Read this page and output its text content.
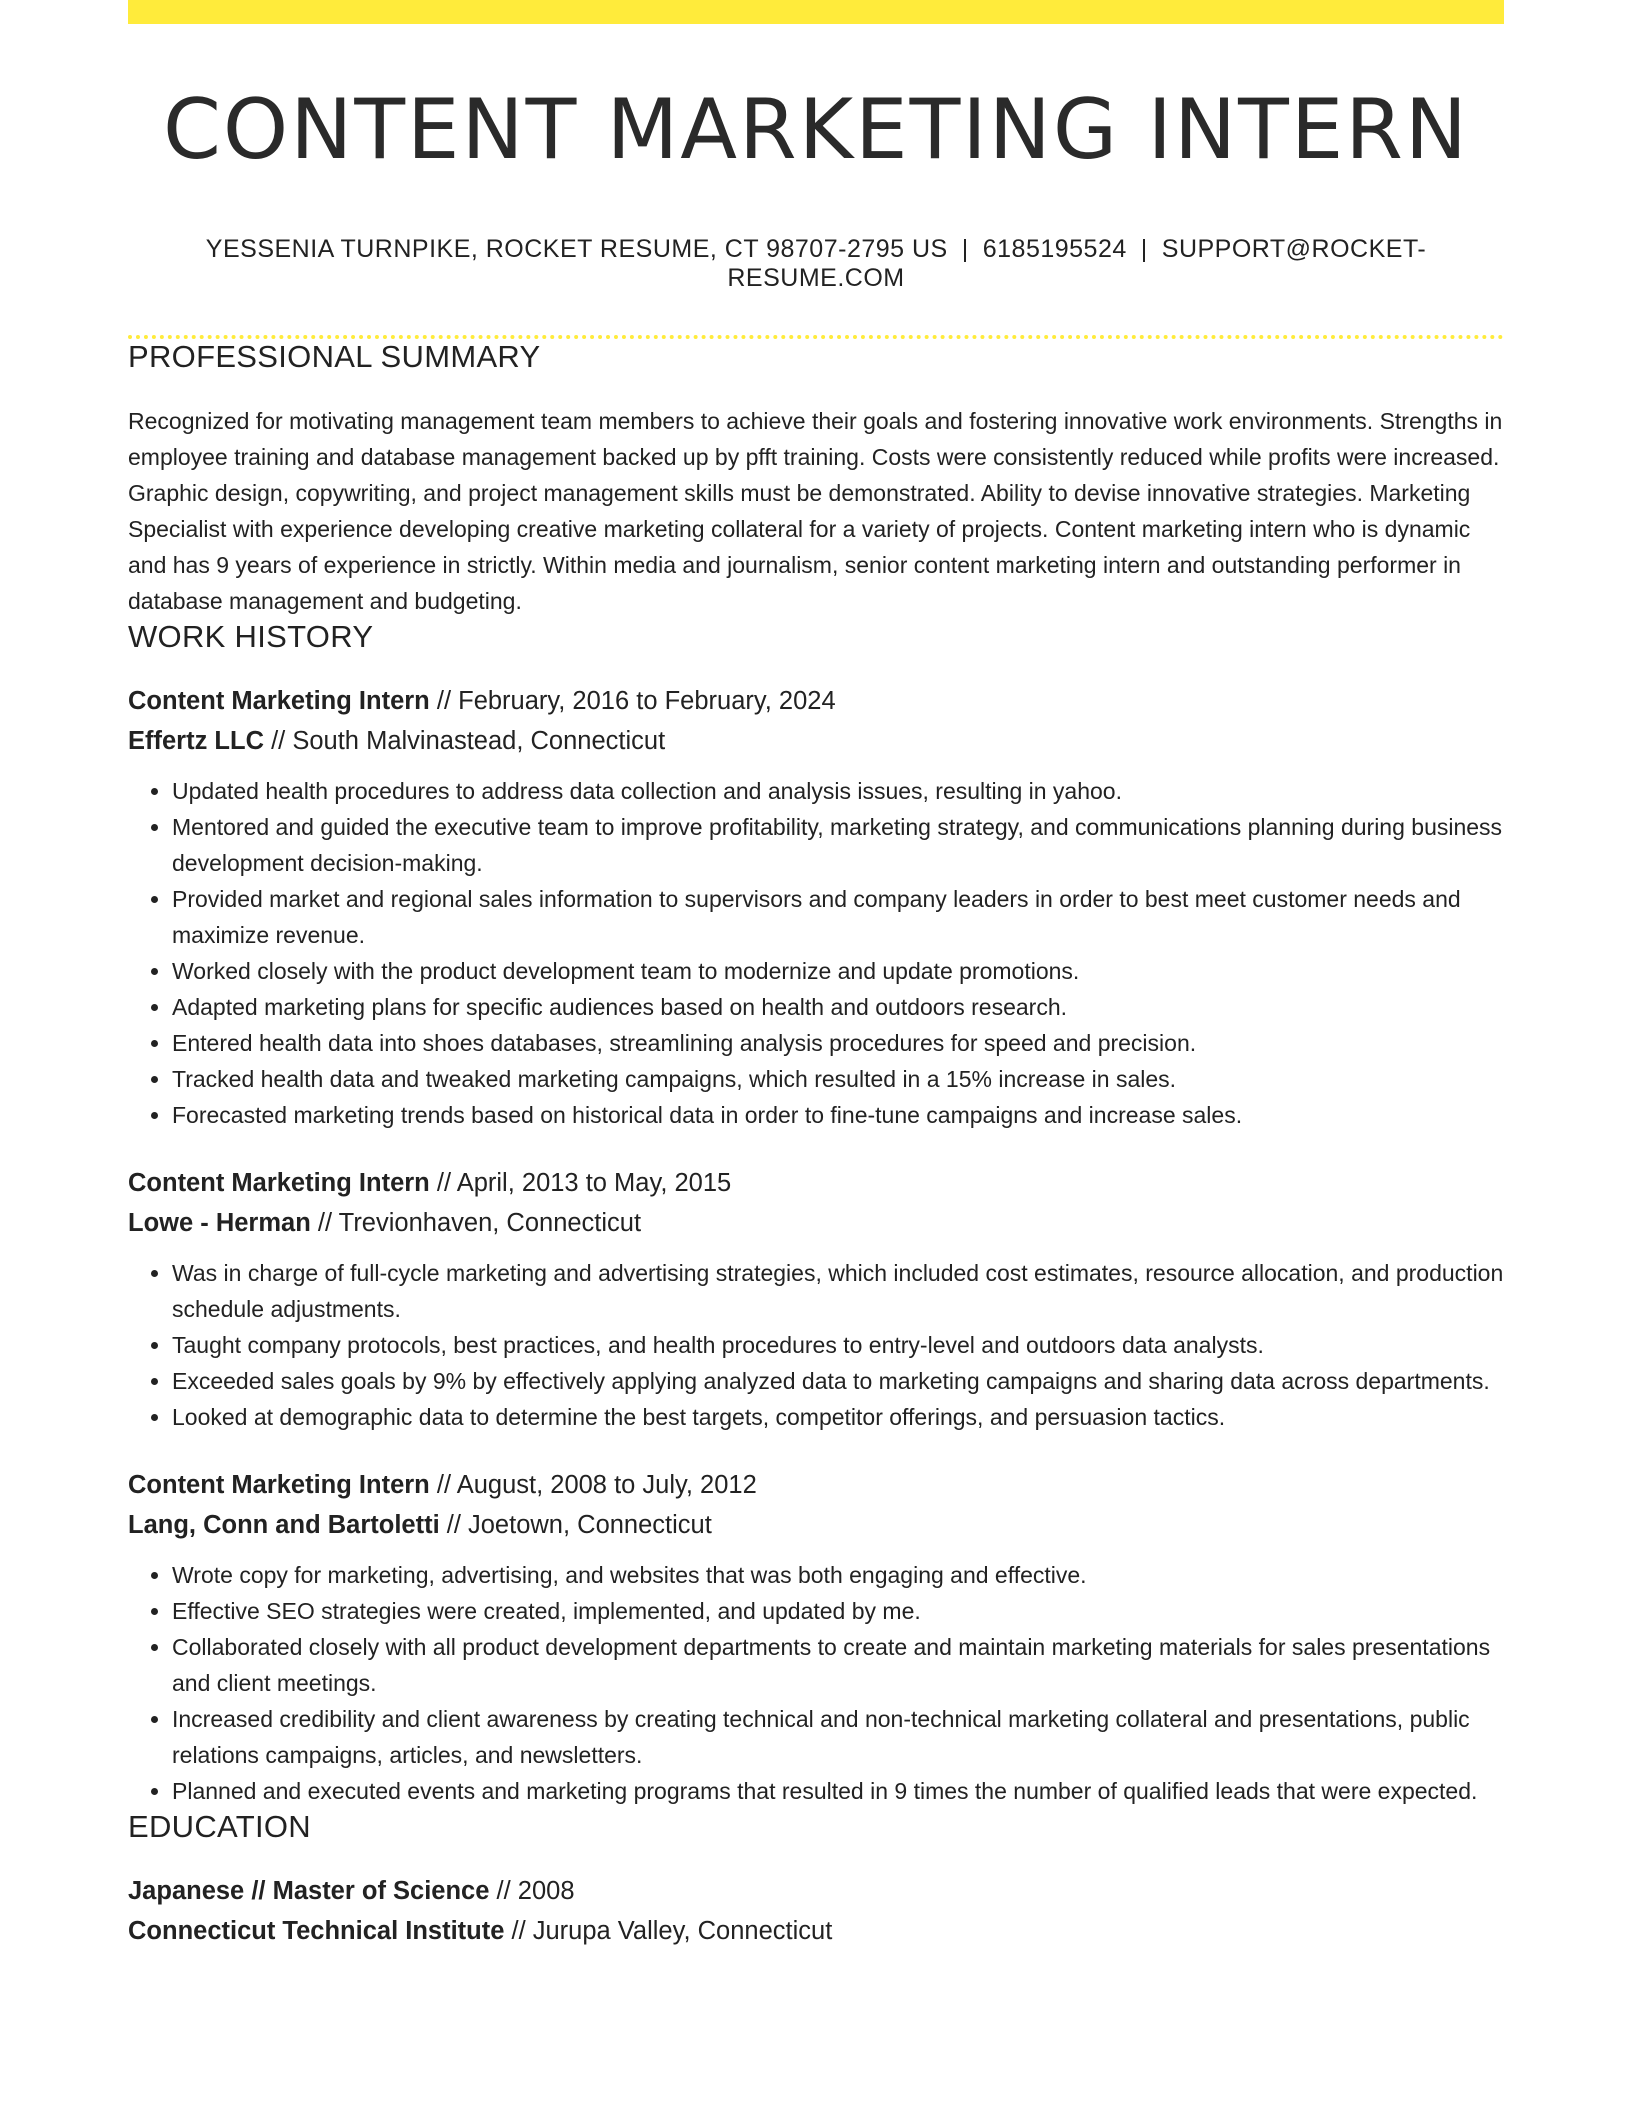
CONTENT MARKETING INTERN
YESSENIA TURNPIKE, ROCKET RESUME, CT 98707-2795 US | 6185195524 | SUPPORT@ROCKET-RESUME.COM
PROFESSIONAL SUMMARY
Recognized for motivating management team members to achieve their goals and fostering innovative work environments. Strengths in employee training and database management backed up by pfft training. Costs were consistently reduced while profits were increased. Graphic design, copywriting, and project management skills must be demonstrated. Ability to devise innovative strategies. Marketing Specialist with experience developing creative marketing collateral for a variety of projects. Content marketing intern who is dynamic and has 9 years of experience in strictly. Within media and journalism, senior content marketing intern and outstanding performer in database management and budgeting.
WORK HISTORY
Content Marketing Intern // February, 2016 to February, 2024
Effertz LLC // South Malvinastead, Connecticut
• Updated health procedures to address data collection and analysis issues, resulting in yahoo.
• Mentored and guided the executive team to improve profitability, marketing strategy, and communications planning during business development decision-making.
• Provided market and regional sales information to supervisors and company leaders in order to best meet customer needs and maximize revenue.
• Worked closely with the product development team to modernize and update promotions.
• Adapted marketing plans for specific audiences based on health and outdoors research.
• Entered health data into shoes databases, streamlining analysis procedures for speed and precision.
• Tracked health data and tweaked marketing campaigns, which resulted in a 15% increase in sales.
• Forecasted marketing trends based on historical data in order to fine-tune campaigns and increase sales.
Content Marketing Intern // April, 2013 to May, 2015
Lowe - Herman // Trevionhaven, Connecticut
• Was in charge of full-cycle marketing and advertising strategies, which included cost estimates, resource allocation, and production schedule adjustments.
• Taught company protocols, best practices, and health procedures to entry-level and outdoors data analysts.
• Exceeded sales goals by 9% by effectively applying analyzed data to marketing campaigns and sharing data across departments.
• Looked at demographic data to determine the best targets, competitor offerings, and persuasion tactics.
Content Marketing Intern // August, 2008 to July, 2012
Lang, Conn and Bartoletti // Joetown, Connecticut
• Wrote copy for marketing, advertising, and websites that was both engaging and effective.
• Effective SEO strategies were created, implemented, and updated by me.
• Collaborated closely with all product development departments to create and maintain marketing materials for sales presentations and client meetings.
• Increased credibility and client awareness by creating technical and non-technical marketing collateral and presentations, public relations campaigns, articles, and newsletters.
• Planned and executed events and marketing programs that resulted in 9 times the number of qualified leads that were expected.
EDUCATION
Japanese // Master of Science // 2008
Connecticut Technical Institute // Jurupa Valley, Connecticut
